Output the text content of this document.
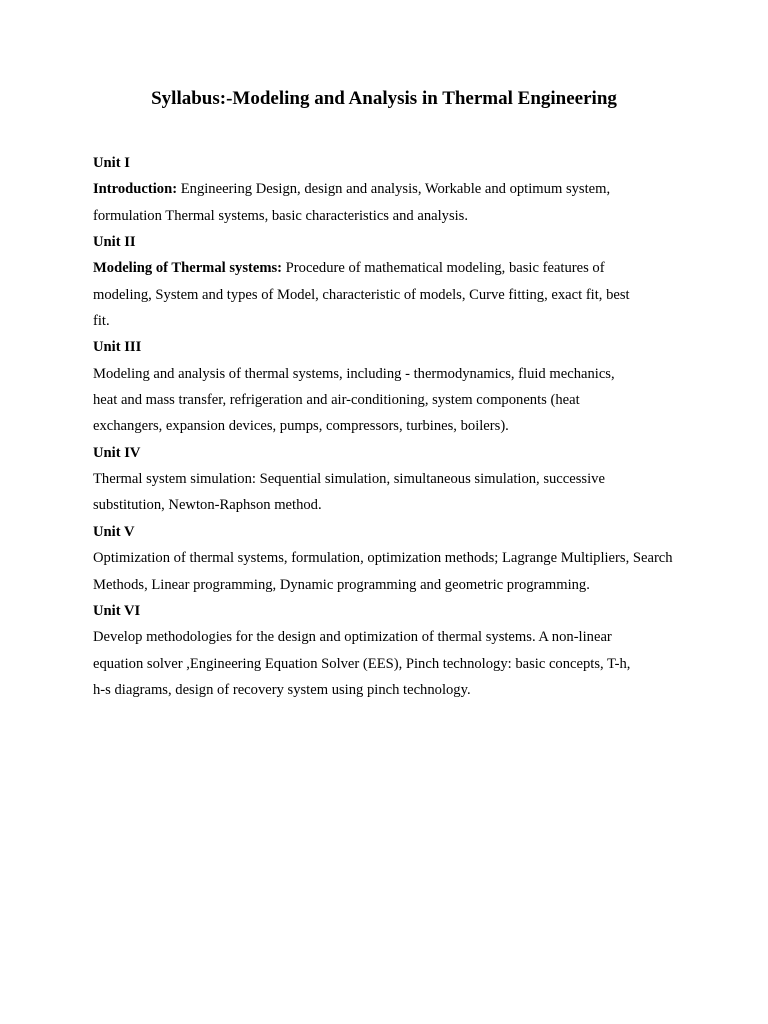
Syllabus:-Modeling and Analysis in Thermal Engineering
Unit I
Introduction: Engineering Design, design and analysis, Workable and optimum system,
formulation Thermal systems, basic characteristics and analysis.
Unit II
Modeling of Thermal systems: Procedure of mathematical modeling, basic features of
modeling, System and types of Model, characteristic of models, Curve fitting, exact fit, best
fit.
Unit III
Modeling and analysis of thermal systems, including - thermodynamics, fluid mechanics,
heat and mass transfer, refrigeration and air-conditioning, system components (heat
exchangers, expansion devices, pumps, compressors, turbines, boilers).
Unit IV
Thermal system simulation: Sequential simulation, simultaneous simulation, successive
substitution, Newton-Raphson method.
Unit V
Optimization of thermal systems, formulation, optimization methods; Lagrange Multipliers, Search
Methods, Linear programming, Dynamic programming and geometric programming.
Unit VI
Develop methodologies for the design and optimization of thermal systems. A non-linear
equation solver ,Engineering Equation Solver (EES), Pinch technology: basic concepts, T-h,
h-s diagrams, design of recovery system using pinch technology.
